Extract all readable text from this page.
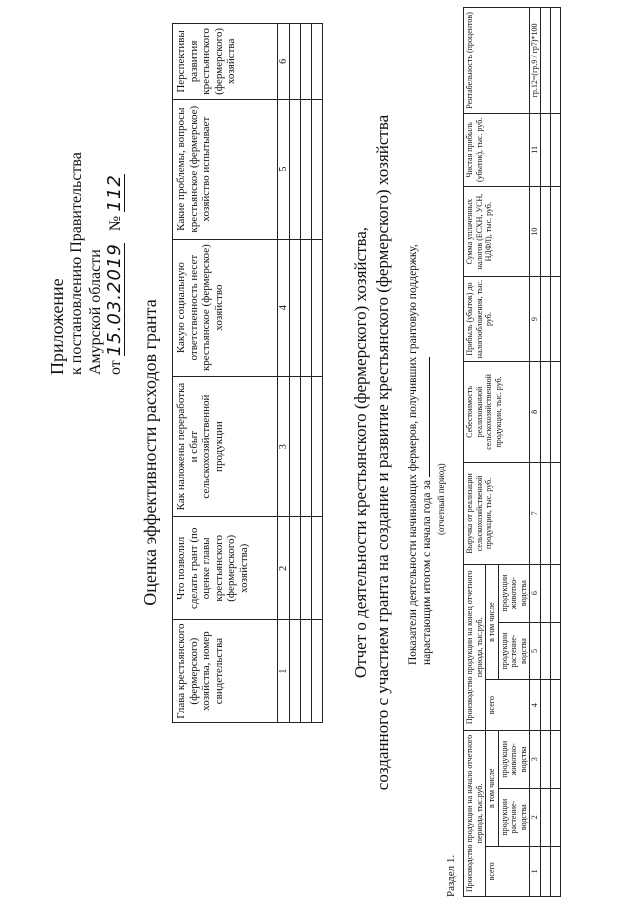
Приложение к постановлению Правительства Амурской области от 15.03.2019   № 112
Оценка эффективности расходов гранта
Глава крестьянского (фермерского) хозяйства, номер свидетельства	Что позволил сделать грант (по оценке главы крестьянского (фермерского) хозяйства)	Как наложены переработка и сбыт сельскохозяйственной продукции	Какую социальную ответственность несет крестьянское (фермерское) хозяйство	Какие проблемы, вопросы крестьянское (фермерское) хозяйство испытывает	Перспективы развития крестьянского (фермерского) хозяйства
1	2	3	4	5	6

Отчет о деятельности крестьянского (фермерского) хозяйства, созданного с участием гранта на создание и развитие крестьянского (фермерского) хозяйства Показатели деятельности начинающих фермеров, получивших грантовую поддержку, нарастающим итогом с начала года за (отчетный период)
Раздел 1. Производство продукции на начало отчетного периода, тыс.руб.			Производство продукции на конец отчетного периода, тыс.руб.			Выручка от реализации сельскохозяйственной продукции, тыс. руб.	Себестоимость реализованной сельскохозяйственной продукции, тыс. руб.	Прибыль (убыток) до налогообложения, тыс. руб.	Сумма уплаченных налогов (ЕСХН, УСН, НДФЛ), тыс. руб.	Чистая прибыль (убыток), тыс. руб.	Рентабельность (процентов)
всего	в том числе		всего	в том числе							
	продукции растение-водства	продукции животно-водства		продукции растение-водства	продукции животно-водства						
1	2	3	4	5	6	7	8	9	10	11	гр.12=(гр.9 / гр7)*100
